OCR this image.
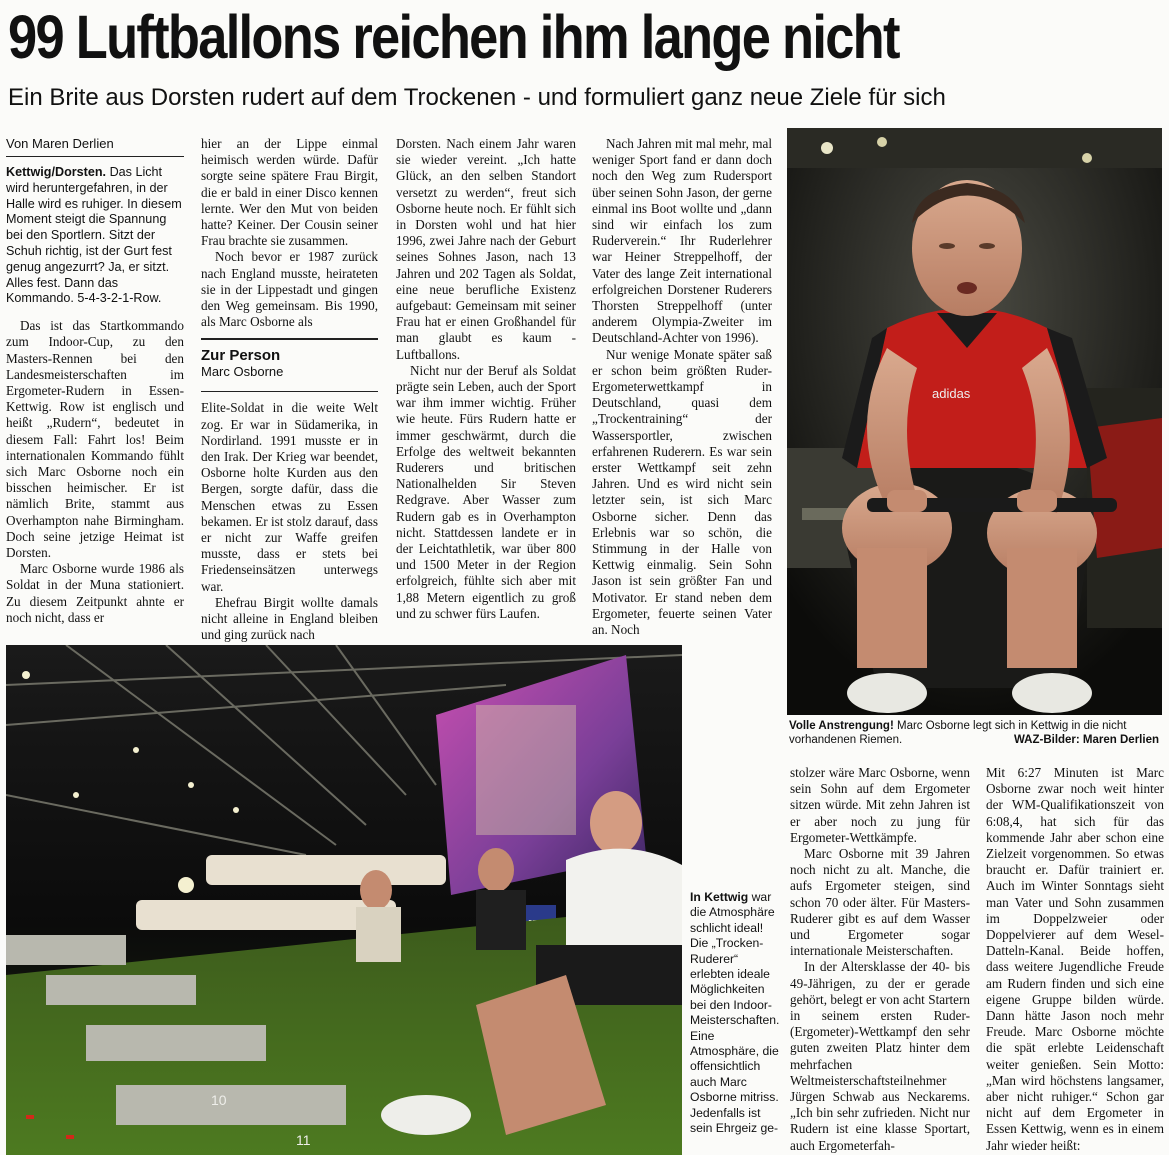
99 Luftballons reichen ihm lange nicht
Ein Brite aus Dorsten rudert auf dem Trockenen - und formuliert ganz neue Ziele für sich
Von Maren Derlien

Kettwig/Dorsten. Das Licht wird heruntergefahren, in der Halle wird es ruhiger. In diesem Moment steigt die Spannung bei den Sportlern. Sitzt der Schuh richtig, ist der Gurt fest genug angezurrt? Ja, er sitzt. Alles fest. Dann das Kommando. 5-4-3-2-1-Row.

Das ist das Startkommando zum Indoor-Cup, zu den Masters-Rennen bei den Landesmeisterschaften im Ergometer-Rudern in Essen-Kettwig. Row ist englisch und heißt „Rudern“, bedeutet in diesem Fall: Fahrt los! Beim internationalen Kommando fühlt sich Marc Osborne noch ein bisschen heimischer. Er ist nämlich Brite, stammt aus Overhampton nahe Birmingham. Doch seine jetzige Heimat ist Dorsten.

Marc Osborne wurde 1986 als Soldat in der Muna stationiert. Zu diesem Zeitpunkt ahnte er noch nicht, dass er

hier an der Lippe einmal heimisch werden würde. Dafür sorgte seine spätere Frau Birgit, die er bald in einer Disco kennen lernte. Wer den Mut von beiden hatte? Keiner. Der Cousin seiner Frau brachte sie zusammen.

Noch bevor er 1987 zurück nach England musste, heirateten sie in der Lippestadt und gingen den Weg gemeinsam. Bis 1990, als Marc Osborne als

Zur Person
Marc Osborne

Elite-Soldat in die weite Welt zog. Er war in Südamerika, in Nordirland. 1991 musste er in den Irak. Der Krieg war beendet, Osborne holte Kurden aus den Bergen, sorgte dafür, dass die Menschen etwas zu Essen bekamen. Er ist stolz darauf, dass er nicht zur Waffe greifen musste, dass er stets bei Friedenseinsätzen unterwegs war.

Ehefrau Birgit wollte damals nicht alleine in England bleiben und ging zurück nach

Dorsten. Nach einem Jahr waren sie wieder vereint. „Ich hatte Glück, an den selben Standort versetzt zu werden“, freut sich Osborne heute noch. Er fühlt sich in Dorsten wohl und hat hier 1996, zwei Jahre nach der Geburt seines Sohnes Jason, nach 13 Jahren und 202 Tagen als Soldat, eine neue berufliche Existenz aufgebaut: Gemeinsam mit seiner Frau hat er einen Großhandel für man glaubt es kaum - Luftballons.

Nicht nur der Beruf als Soldat prägte sein Leben, auch der Sport war ihm immer wichtig. Früher wie heute. Fürs Rudern hatte er immer geschwärmt, durch die Erfolge des weltweit bekannten Ruderers und britischen Nationalhelden Sir Steven Redgrave. Aber Wasser zum Rudern gab es in Overhampton nicht. Stattdessen landete er in der Leichtathletik, war über 800 und 1500 Meter in der Region erfolgreich, fühlte sich aber mit 1,88 Metern eigentlich zu groß und zu schwer fürs Laufen.

Nach Jahren mit mal mehr, mal weniger Sport fand er dann doch noch den Weg zum Rudersport über seinen Sohn Jason, der gerne einmal ins Boot wollte und „dann sind wir einfach los zum Ruderverein.“ Ihr Ruderlehrer war Heiner Streppelhoff, der Vater des lange Zeit international erfolgreichen Dorstener Ruderers Thorsten Streppelhoff (unter anderem Olympia-Zweiter im Deutschland-Achter von 1996).

Nur wenige Monate später saß er schon beim größten Ruder-Ergometerwettkampf in Deutschland, quasi dem „Trockentraining“ der Wassersportler, zwischen erfahrenen Ruderern. Es war sein erster Wettkampf seit zehn Jahren. Und es wird nicht sein letzter sein, ist sich Marc Osborne sicher. Denn das Erlebnis war so schön, die Stimmung in der Halle von Kettwig einmalig. Sein Sohn Jason ist sein größter Fan und Motivator. Er stand neben dem Ergometer, feuerte seinen Vater an. Noch

adidas
Volle Anstrengung! Marc Osborne legt sich in Kettwig in die nicht vorhandenen Riemen.	WAZ-Bilder: Maren Derlien
10
11
In Kettwig war die Atmosphäre schlicht ideal! Die „Trocken-Ruderer“ erlebten ideale Möglichkeiten bei den Indoor-Meisterschaften. Eine Atmosphäre, die offensichtlich auch Marc Osborne mitriss. Jedenfalls ist sein Ehrgeiz ge-

stolzer wäre Marc Osborne, wenn sein Sohn auf dem Ergometer sitzen würde. Mit zehn Jahren ist er aber noch zu jung für Ergometer-Wettkämpfe.

Marc Osborne mit 39 Jahren noch nicht zu alt. Manche, die aufs Ergometer steigen, sind schon 70 oder älter. Für Masters-Ruderer gibt es auf dem Wasser und Ergometer sogar internationale Meisterschaften.

In der Altersklasse der 40- bis 49-Jährigen, zu der er gerade gehört, belegt er von acht Startern in seinem ersten Ruder-(Ergometer)-Wettkampf den sehr guten zweiten Platz hinter dem mehrfachen Weltmeisterschaftsteilnehmer Jürgen Schwab aus Neckarems. „Ich bin sehr zufrieden. Nicht nur Rudern ist eine klasse Sportart, auch Ergometerfah-

Mit 6:27 Minuten ist Marc Osborne zwar noch weit hinter der WM-Qualifikationszeit von 6:08,4, hat sich für das kommende Jahr aber schon eine Zielzeit vorgenommen. So etwas braucht er. Dafür trainiert er. Auch im Winter Sonntags sieht man Vater und Sohn zusammen im Doppelzweier oder Doppelvierer auf dem Wesel-Datteln-Kanal. Beide hoffen, dass weitere Jugendliche Freude am Rudern finden und sich eine eigene Gruppe bilden würde. Dann hätte Jason noch mehr Freude. Marc Osborne möchte die spät erlebte Leidenschaft weiter genießen. Sein Motto: „Man wird höchstens langsamer, aber nicht ruhiger.“ Schon gar nicht auf dem Ergometer in Essen Kettwig, wenn es in einem Jahr wieder heißt:
